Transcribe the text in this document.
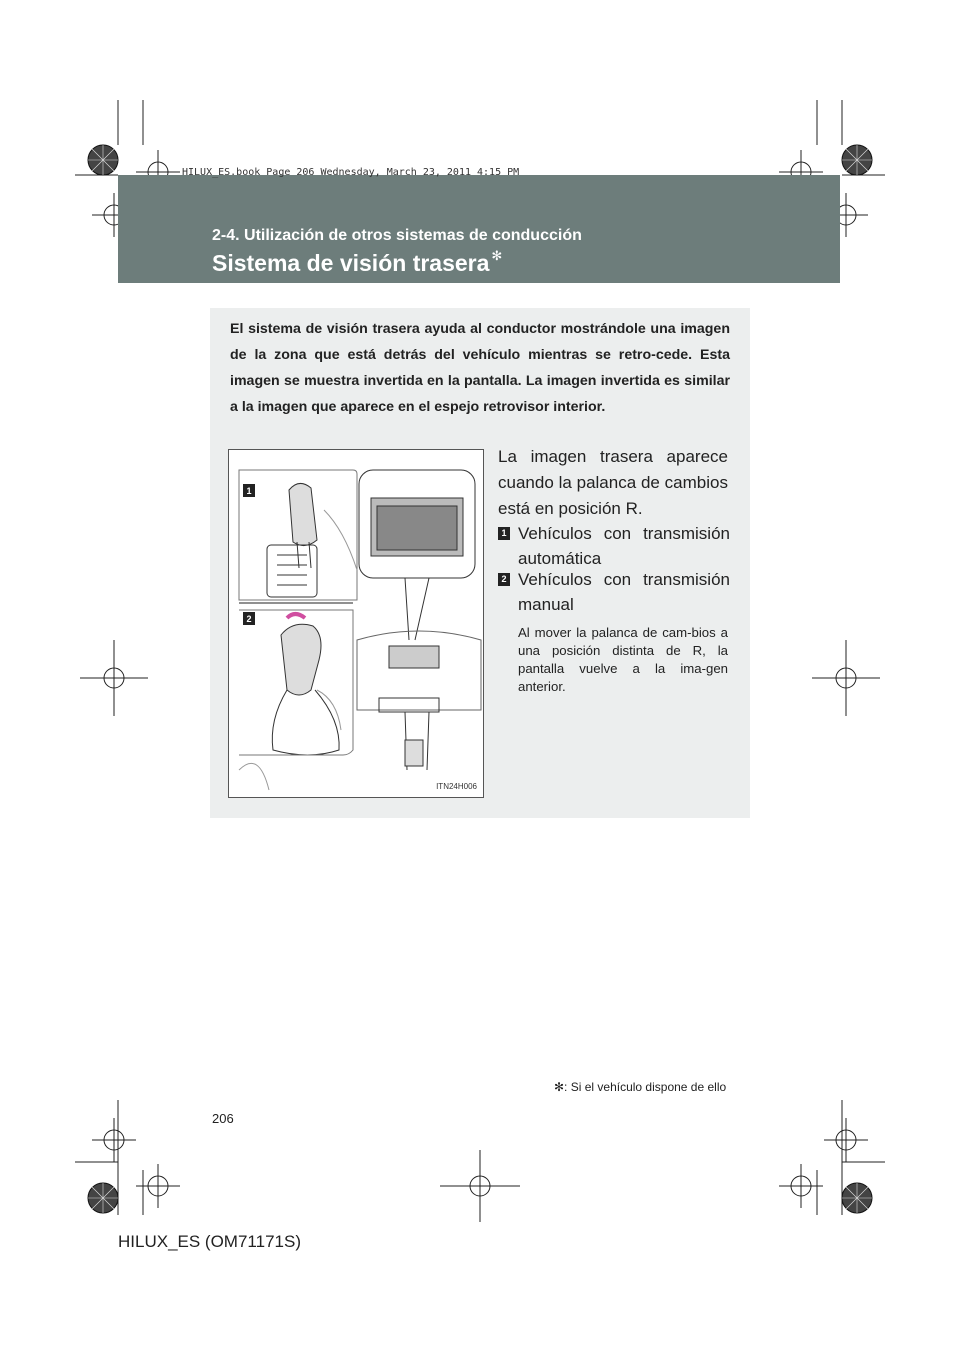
HILUX_ES.book Page 206 Wednesday, March 23, 2011 4:15 PM
2-4. Utilización de otros sistemas de conducción
Sistema de visión trasera ✻
El sistema de visión trasera ayuda al conductor mostrándole una imagen de la zona que está detrás del vehículo mientras se retro-cede. Esta imagen se muestra invertida en la pantalla. La imagen invertida es similar a la imagen que aparece en el espejo retrovisor interior.
1
2
ITN24H006
La imagen trasera aparece cuando la palanca de cambios está en posición R.
1 Vehículos con transmisión automática
2 Vehículos con transmisión manual
Al mover la palanca de cam-bios a una posición distinta de R, la pantalla vuelve a la ima-gen anterior.
✻: Si el vehículo dispone de ello
206
HILUX_ES (OM71171S)
